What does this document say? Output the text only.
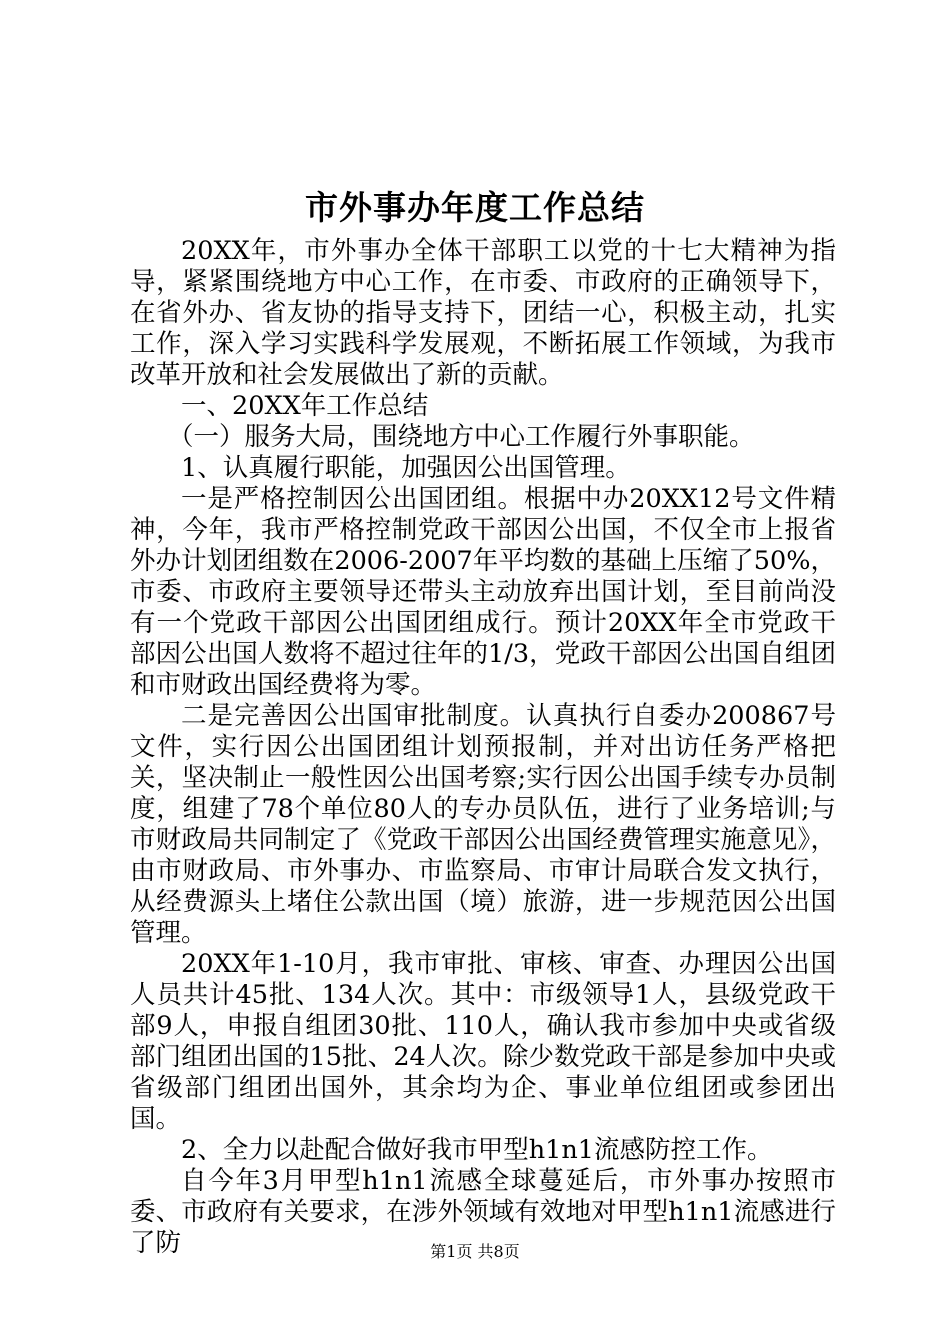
市外事办年度工作总结

20XX年，市外事办全体干部职工以党的十七大精神为指导，紧紧围绕地方中心工作，在市委、市政府的正确领导下，在省外办、省友协的指导支持下，团结一心，积极主动，扎实工作，深入学习实践科学发展观，不断拓展工作领域，为我市改革开放和社会发展做出了新的贡献。

一、20XX年工作总结

（一）服务大局，围绕地方中心工作履行外事职能。

1、认真履行职能，加强因公出国管理。

一是严格控制因公出国团组。根据中办20XX12号文件精神，今年，我市严格控制党政干部因公出国，不仅全市上报省外办计划团组数在2006-2007年平均数的基础上压缩了50%，市委、市政府主要领导还带头主动放弃出国计划，至目前尚没有一个党政干部因公出国团组成行。预计20XX年全市党政干部因公出国人数将不超过往年的1/3，党政干部因公出国自组团和市财政出国经费将为零。

二是完善因公出国审批制度。认真执行自委办200867号文件，实行因公出国团组计划预报制，并对出访任务严格把关，坚决制止一般性因公出国考察;实行因公出国手续专办员制度，组建了78个单位80人的专办员队伍，进行了业务培训;与市财政局共同制定了《党政干部因公出国经费管理实施意见》，由市财政局、市外事办、市监察局、市审计局联合发文执行，从经费源头上堵住公款出国（境）旅游，进一步规范因公出国管理。

20XX年1-10月，我市审批、审核、审查、办理因公出国人员共计45批、134人次。其中：市级领导1人，县级党政干部9人，申报自组团30批、110人，确认我市参加中央或省级部门组团出国的15批、24人次。除少数党政干部是参加中央或省级部门组团出国外，其余均为企、事业单位组团或参团出国。

2、全力以赴配合做好我市甲型h1n1流感防控工作。

自今年3月甲型h1n1流感全球蔓延后，市外事办按照市委、市政府有关要求，在涉外领域有效地对甲型h1n1流感进行了防	第1页 共8页
